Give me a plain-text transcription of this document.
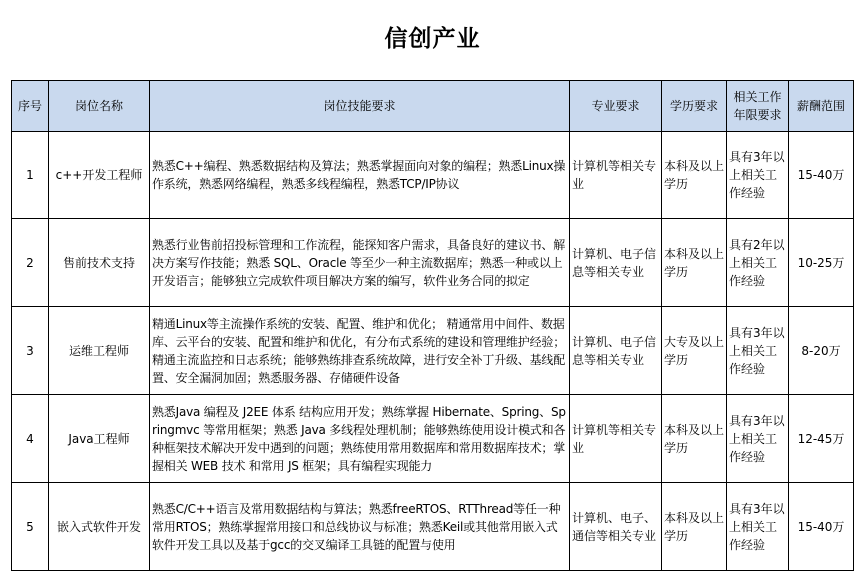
信创产业
序号	岗位名称	岗位技能要求	专业要求	学历要求	相关工作年限要求	薪酬范围
1	c++开发工程师	熟悉C++编程、熟悉数据结构及算法；熟悉掌握面向对象的编程；熟悉Linux操作系统，熟悉网络编程，熟悉多线程编程，熟悉TCP/IP协议	计算机等相关专业	本科及以上学历	具有3年以上相关工作经验	15-40万
2	售前技术支持	熟悉行业售前招投标管理和工作流程，能探知客户需求，具备良好的建议书、解决方案写作技能；熟悉 SQL、Oracle 等至少一种主流数据库；熟悉一种或以上开发语言；能够独立完成软件项目解决方案的编写，软件业务合同的拟定	计算机、电子信息等相关专业	本科及以上学历	具有2年以上相关工作经验	10-25万
3	运维工程师	精通Linux等主流操作系统的安装、配置、维护和优化； 精通常用中间件、数据库、云平台的安装、配置和维护和优化，有分布式系统的建设和管理维护经验；精通主流监控和日志系统；能够熟练排查系统故障，进行安全补丁升级、基线配置、安全漏洞加固；熟悉服务器、存储硬件设备	计算机、电子信息等相关专业	大专及以上学历	具有3年以上相关工作经验	8-20万
4	Java工程师	熟悉Java 编程及 J2EE 体系 结构应用开发；熟练掌握 Hibernate、Spring、Springmvc 等常用框架；熟悉 Java 多线程处理机制；能够熟练使用设计模式和各种框架技术解决开发中遇到的问题；熟练使用常用数据库和常用数据库技术；掌握相关 WEB 技术 和常用 JS 框架；具有编程实现能力	计算机等相关专业	本科及以上学历	具有3年以上相关工作经验	12-45万
5	嵌入式软件开发	熟悉C/C++语言及常用数据结构与算法；熟悉freeRTOS、RTThread等任一种常用RTOS；熟练掌握常用接口和总线协议与标准；熟悉Keil或其他常用嵌入式软件开发工具以及基于gcc的交叉编译工具链的配置与使用	计算机、电子、通信等相关专业	本科及以上学历	具有3年以上相关工作经验	15-40万
